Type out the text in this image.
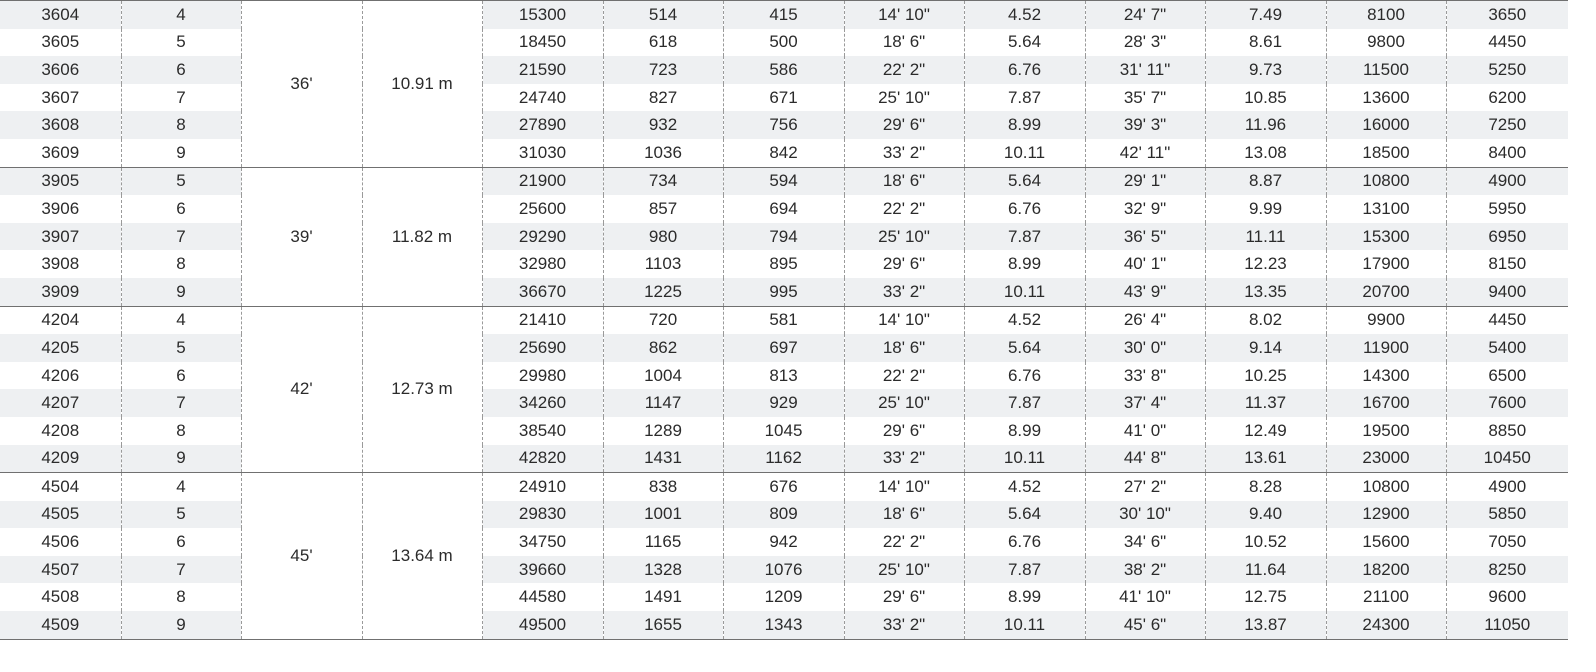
3604	4	36'	10.91 m	15300	514	415	14' 10"	4.52	24' 7"	7.49	8100	3650
3605	5			18450	618	500	18' 6"	5.64	28' 3"	8.61	9800	4450
3606	6			21590	723	586	22' 2"	6.76	31' 11"	9.73	11500	5250
3607	7			24740	827	671	25' 10"	7.87	35' 7"	10.85	13600	6200
3608	8			27890	932	756	29' 6"	8.99	39' 3"	11.96	16000	7250
3609	9			31030	1036	842	33' 2"	10.11	42' 11"	13.08	18500	8400
3905	5	39'	11.82 m	21900	734	594	18' 6"	5.64	29' 1"	8.87	10800	4900
3906	6			25600	857	694	22' 2"	6.76	32' 9"	9.99	13100	5950
3907	7			29290	980	794	25' 10"	7.87	36' 5"	11.11	15300	6950
3908	8			32980	1103	895	29' 6"	8.99	40' 1"	12.23	17900	8150
3909	9			36670	1225	995	33' 2"	10.11	43' 9"	13.35	20700	9400
4204	4	42'	12.73 m	21410	720	581	14' 10"	4.52	26' 4"	8.02	9900	4450
4205	5			25690	862	697	18' 6"	5.64	30' 0"	9.14	11900	5400
4206	6			29980	1004	813	22' 2"	6.76	33' 8"	10.25	14300	6500
4207	7			34260	1147	929	25' 10"	7.87	37' 4"	11.37	16700	7600
4208	8			38540	1289	1045	29' 6"	8.99	41' 0"	12.49	19500	8850
4209	9			42820	1431	1162	33' 2"	10.11	44' 8"	13.61	23000	10450
4504	4	45'	13.64 m	24910	838	676	14' 10"	4.52	27' 2"	8.28	10800	4900
4505	5			29830	1001	809	18' 6"	5.64	30' 10"	9.40	12900	5850
4506	6			34750	1165	942	22' 2"	6.76	34' 6"	10.52	15600	7050
4507	7			39660	1328	1076	25' 10"	7.87	38' 2"	11.64	18200	8250
4508	8			44580	1491	1209	29' 6"	8.99	41' 10"	12.75	21100	9600
4509	9			49500	1655	1343	33' 2"	10.11	45' 6"	13.87	24300	11050
